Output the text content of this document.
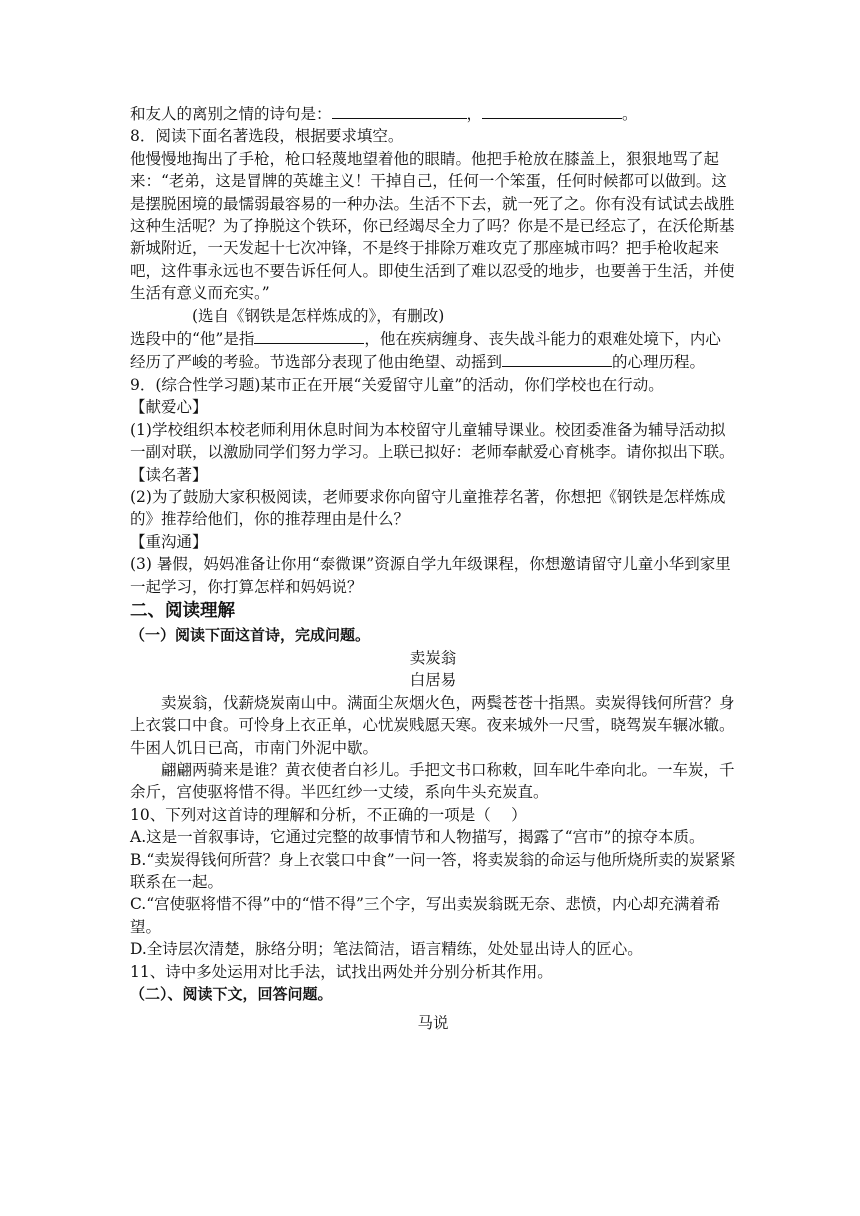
和友人的离别之情的诗句是：	，	。

8．阅读下面名著选段，根据要求填空。

他慢慢地掏出了手枪，枪口轻蔑地望着他的眼睛。他把手枪放在膝盖上，狠狠地骂了起来：“老弟，这是冒牌的英雄主义！干掉自己，任何一个笨蛋，任何时候都可以做到。这是摆脱困境的最懦弱最容易的一种办法。生活不下去，就一死了之。你有没有试试去战胜这种生活呢？为了挣脱这个铁环，你已经竭尽全力了吗？你是不是已经忘了，在沃伦斯基新城附近，一天发起十七次冲锋，不是终于排除万难攻克了那座城市吗？把手枪收起来吧，这件事永远也不要告诉任何人。即使生活到了难以忍受的地步，也要善于生活，并使生活有意义而充实。”

(选自《钢铁是怎样炼成的》，有删改)

选段中的“他”是指	，他在疾病缠身、丧失战斗能力的艰难处境下，内心经历了严峻的考验。节选部分表现了他由绝望、动摇到	的心理历程。

9．(综合性学习题)某市正在开展“关爱留守儿童”的活动，你们学校也在行动。

【献爱心】

(1)学校组织本校老师利用休息时间为本校留守儿童辅导课业。校团委准备为辅导活动拟一副对联，以激励同学们努力学习。上联已拟好：老师奉献爱心育桃李。请你拟出下联。

【读名著】

(2)为了鼓励大家积极阅读，老师要求你向留守儿童推荐名著，你想把《钢铁是怎样炼成的》推荐给他们，你的推荐理由是什么？

【重沟通】

(3) 暑假，妈妈准备让你用“泰微课”资源自学九年级课程，你想邀请留守儿童小华到家里一起学习，你打算怎样和妈妈说？

二、阅读理解

（一）阅读下面这首诗，完成问题。

卖炭翁

白居易

卖炭翁，伐薪烧炭南山中。满面尘灰烟火色，两鬓苍苍十指黑。卖炭得钱何所营？身上衣裳口中食。可怜身上衣正单，心忧炭贱愿天寒。夜来城外一尺雪，晓驾炭车辗冰辙。牛困人饥日已高，市南门外泥中歇。

翩翩两骑来是谁？黄衣使者白衫儿。手把文书口称敕，回车叱牛牵向北。一车炭，千余斤，宫使驱将惜不得。半匹红纱一丈绫，系向牛头充炭直。

10、下列对这首诗的理解和分析，不正确的一项是（　 ）

A.这是一首叙事诗，它通过完整的故事情节和人物描写，揭露了“宫市”的掠夺本质。

B.“卖炭得钱何所营？身上衣裳口中食”一问一答，将卖炭翁的命运与他所烧所卖的炭紧紧联系在一起。

C.“宫使驱将惜不得”中的“惜不得”三个字，写出卖炭翁既无奈、悲愤，内心却充满着希望。

D.全诗层次清楚，脉络分明；笔法简洁，语言精练，处处显出诗人的匠心。

11、诗中多处运用对比手法，试找出两处并分别分析其作用。

（二）、阅读下文，回答问题。

马说
